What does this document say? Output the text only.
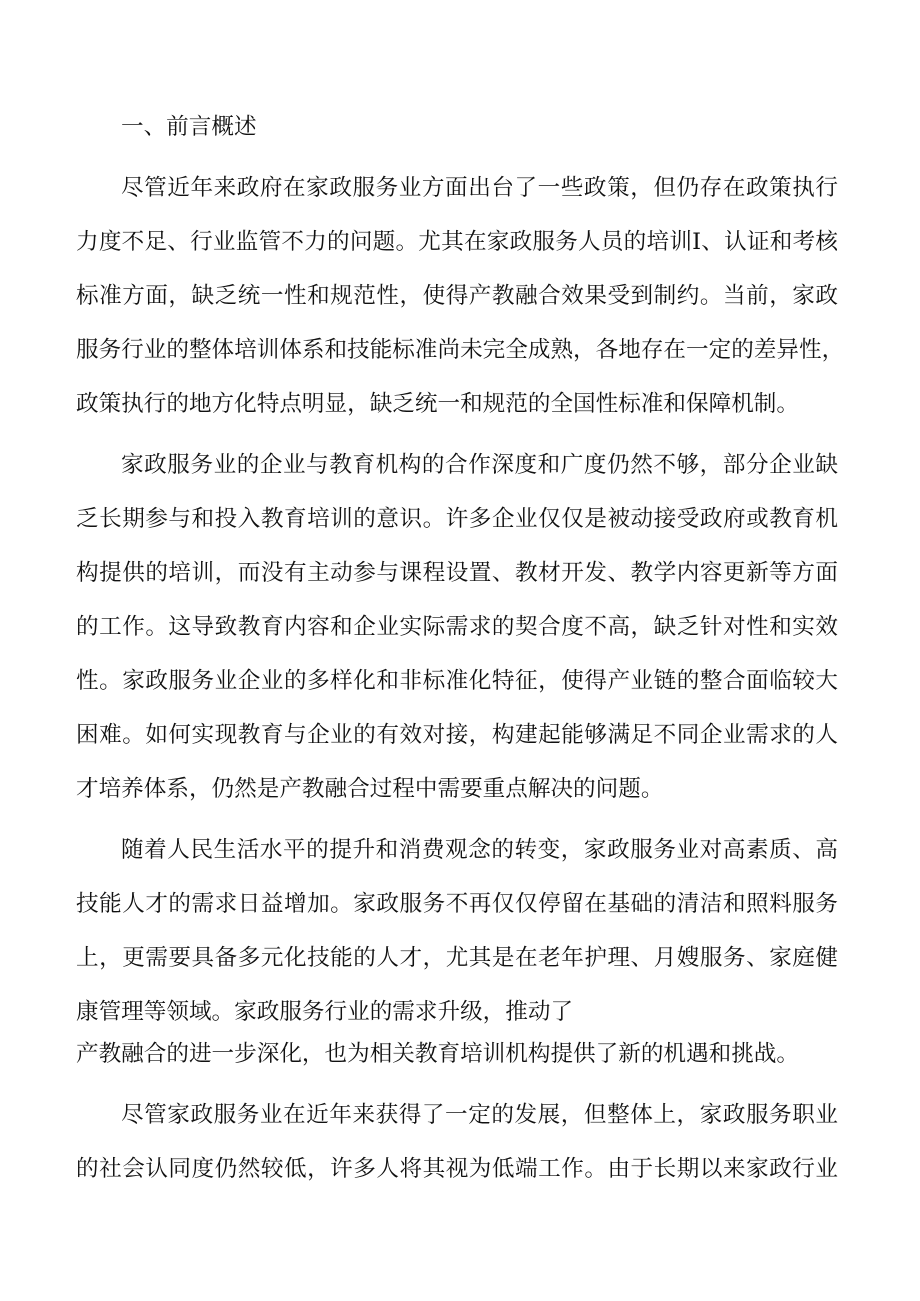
一、前言概述
尽管近年来政府在家政服务业方面出台了一些政策，但仍存在政策执行
力度不足、行业监管不力的问题。尤其在家政服务人员的培训I、认证和考核
标准方面，缺乏统一性和规范性，使得产教融合效果受到制约。当前，家政
服务行业的整体培训体系和技能标准尚未完全成熟，各地存在一定的差异性，
政策执行的地方化特点明显，缺乏统一和规范的全国性标准和保障机制。
家政服务业的企业与教育机构的合作深度和广度仍然不够，部分企业缺
乏长期参与和投入教育培训的意识。许多企业仅仅是被动接受政府或教育机
构提供的培训，而没有主动参与课程设置、教材开发、教学内容更新等方面
的工作。这导致教育内容和企业实际需求的契合度不高，缺乏针对性和实效
性。家政服务业企业的多样化和非标准化特征，使得产业链的整合面临较大
困难。如何实现教育与企业的有效对接，构建起能够满足不同企业需求的人
才培养体系，仍然是产教融合过程中需要重点解决的问题。
随着人民生活水平的提升和消费观念的转变，家政服务业对高素质、高
技能人才的需求日益增加。家政服务不再仅仅停留在基础的清洁和照料服务
上，更需要具备多元化技能的人才，尤其是在老年护理、月嫂服务、家庭健
康管理等领域。家政服务行业的需求升级，推动了
产教融合的进一步深化，也为相关教育培训机构提供了新的机遇和挑战。
尽管家政服务业在近年来获得了一定的发展，但整体上，家政服务职业
的社会认同度仍然较低，许多人将其视为低端工作。由于长期以来家政行业
